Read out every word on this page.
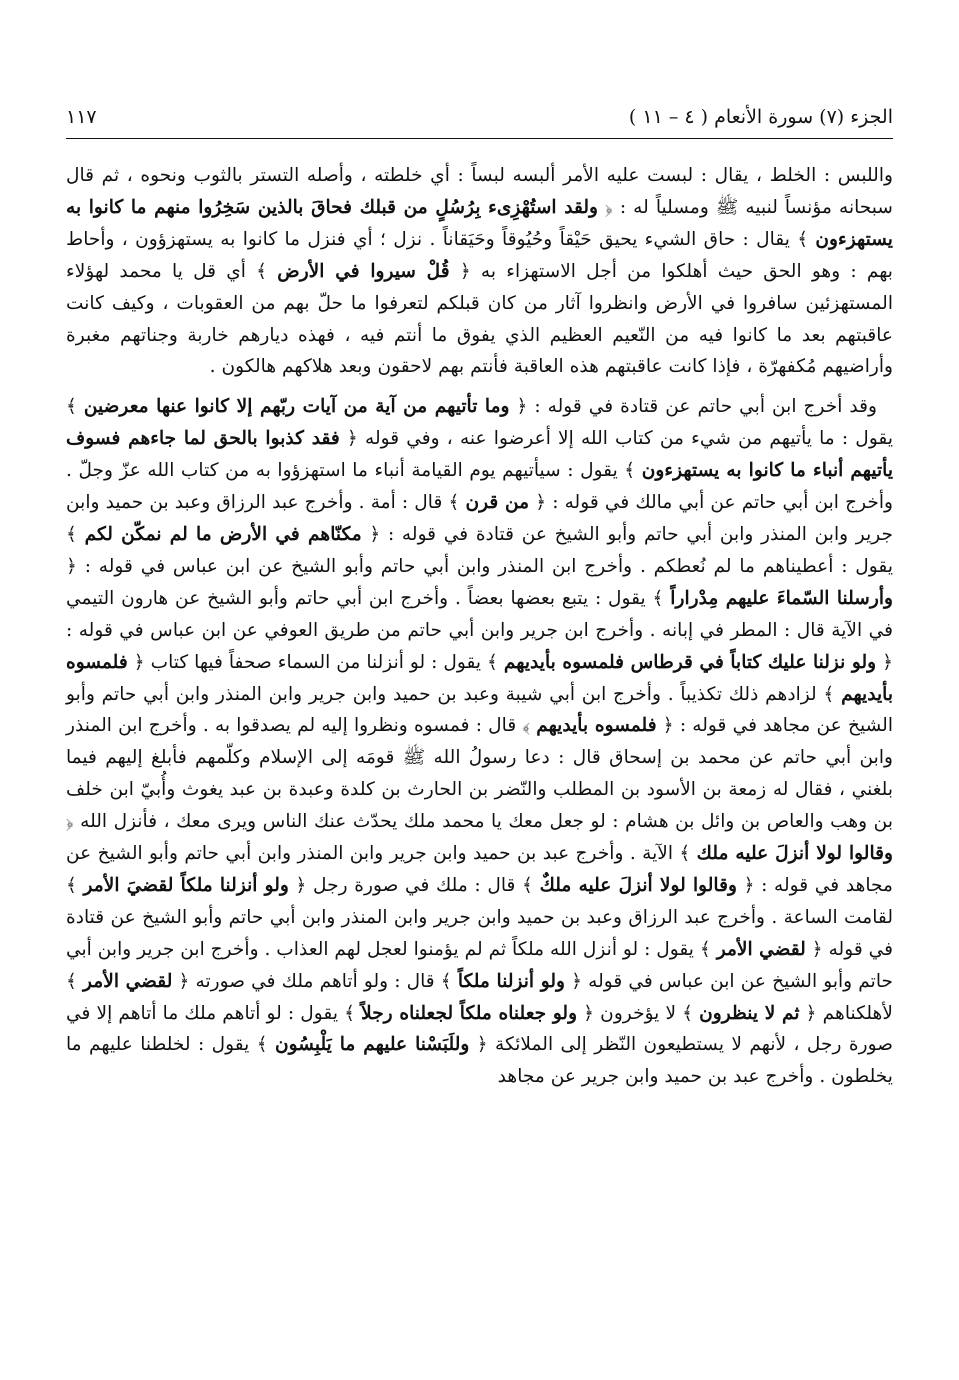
الجزء (٧) سورة الأنعام ( ٤ – ١١ )
١١٧

واللبس : الخلط ، يقال : لبست عليه الأمر ألبسه لبساً : أي خلطته ، وأصله التستر بالثوب ونحوه ، ثم قال سبحانه مؤنساً لنبيه ﷺ ومسلياً له : ﴿ ولقد استُهْزِىء بِرُسُلٍ من قبلك فحاقَ بالذين سَخِرُوا منهم ما كانوا به يستهزءون ﴾ يقال : حاق الشيء يحيق حَيْقاً وحُيُوقاً وحَيَقاناً . نزل ؛ أي فنزل ما كانوا به يستهزؤون ، وأحاط بهم : وهو الحق حيث أهلكوا من أجل الاستهزاء به ﴿ قُلْ سيروا في الأرض ﴾ أي قل يا محمد لهؤلاء المستهزئين سافروا في الأرض وانظروا آثار من كان قبلكم لتعرفوا ما حلّ بهم من العقوبات ، وكيف كانت عاقبتهم بعد ما كانوا فيه من النّعيم العظيم الذي يفوق ما أنتم فيه ، فهذه ديارهم خاربة وجناتهم مغبرة وأراضيهم مُكفهرّة ، فإذا كانت عاقبتهم هذه العاقبة فأنتم بهم لاحقون وبعد هلاكهم هالكون .

وقد أخرج ابن أبي حاتم عن قتادة في قوله : ﴿ وما تأتيهم من آية من آيات ربّهم إلا كانوا عنها معرضين ﴾ يقول : ما يأتيهم من شيء من كتاب الله إلا أعرضوا عنه ، وفي قوله ﴿ فقد كذبوا بالحق لما جاءهم فسوف يأتيهم أنباء ما كانوا به يستهزءون ﴾ يقول : سيأتيهم يوم القيامة أنباء ما استهزؤوا به من كتاب الله عزّ وجلّ . وأخرج ابن أبي حاتم عن أبي مالك في قوله : ﴿ من قرن ﴾ قال : أمة . وأخرج عبد الرزاق وعبد بن حميد وابن جرير وابن المنذر وابن أبي حاتم وأبو الشيخ عن قتادة في قوله : ﴿ مكنّاهم في الأرض ما لم نمكّن لكم ﴾ يقول : أعطيناهم ما لم نُعطكم . وأخرج ابن المنذر وابن أبي حاتم وأبو الشيخ عن ابن عباس في قوله : ﴿ وأرسلنا السّماءَ عليهم مِدْراراً ﴾ يقول : يتبع بعضها بعضاً . وأخرج ابن أبي حاتم وأبو الشيخ عن هارون التيمي في الآية قال : المطر في إبانه . وأخرج ابن جرير وابن أبي حاتم من طريق العوفي عن ابن عباس في قوله : ﴿ ولو نزلنا عليك كتاباً في قرطاس فلمسوه بأيديهم ﴾ يقول : لو أنزلنا من السماء صحفاً فيها كتاب ﴿ فلمسوه بأيديهم ﴾ لزادهم ذلك تكذيباً . وأخرج ابن أبي شيبة وعبد بن حميد وابن جرير وابن المنذر وابن أبي حاتم وأبو الشيخ عن مجاهد في قوله : ﴿ فلمسوه بأيديهم ﴾ قال : فمسوه ونظروا إليه لم يصدقوا به . وأخرج ابن المنذر وابن أبي حاتم عن محمد بن إسحاق قال : دعا رسولُ الله ﷺ قومَه إلى الإسلام وكلّمهم فأبلغ إليهم فيما بلغني ، فقال له زمعة بن الأسود بن المطلب والنّضر بن الحارث بن كلدة وعبدة بن عبد يغوث وأُبيّ ابن خلف بن وهب والعاص بن وائل بن هشام : لو جعل معك يا محمد ملك يحدّث عنك الناس ويرى معك ، فأنزل الله ﴿ وقالوا لولا أنزلَ عليه ملك ﴾ الآية . وأخرج عبد بن حميد وابن جرير وابن المنذر وابن أبي حاتم وأبو الشيخ عن مجاهد في قوله : ﴿ وقالوا لولا أنزلَ عليه ملكٌ ﴾ قال : ملك في صورة رجل ﴿ ولو أنزلنا ملكاً لقضيَ الأمر ﴾ لقامت الساعة . وأخرج عبد الرزاق وعبد بن حميد وابن جرير وابن المنذر وابن أبي حاتم وأبو الشيخ عن قتادة في قوله ﴿ لقضي الأمر ﴾ يقول : لو أنزل الله ملكاً ثم لم يؤمنوا لعجل لهم العذاب . وأخرج ابن جرير وابن أبي حاتم وأبو الشيخ عن ابن عباس في قوله ﴿ ولو أنزلنا ملكاً ﴾ قال : ولو أتاهم ملك في صورته ﴿ لقضي الأمر ﴾ لأهلكناهم ﴿ ثم لا ينظرون ﴾ لا يؤخرون ﴿ ولو جعلناه ملكاً لجعلناه رجلاً ﴾ يقول : لو أتاهم ملك ما أتاهم إلا في صورة رجل ، لأنهم لا يستطيعون النّظر إلى الملائكة ﴿ وللَبَسْنا عليهم ما يَلْبِسُون ﴾ يقول : لخلطنا عليهم ما يخلطون . وأخرج عبد بن حميد وابن جرير عن مجاهد
